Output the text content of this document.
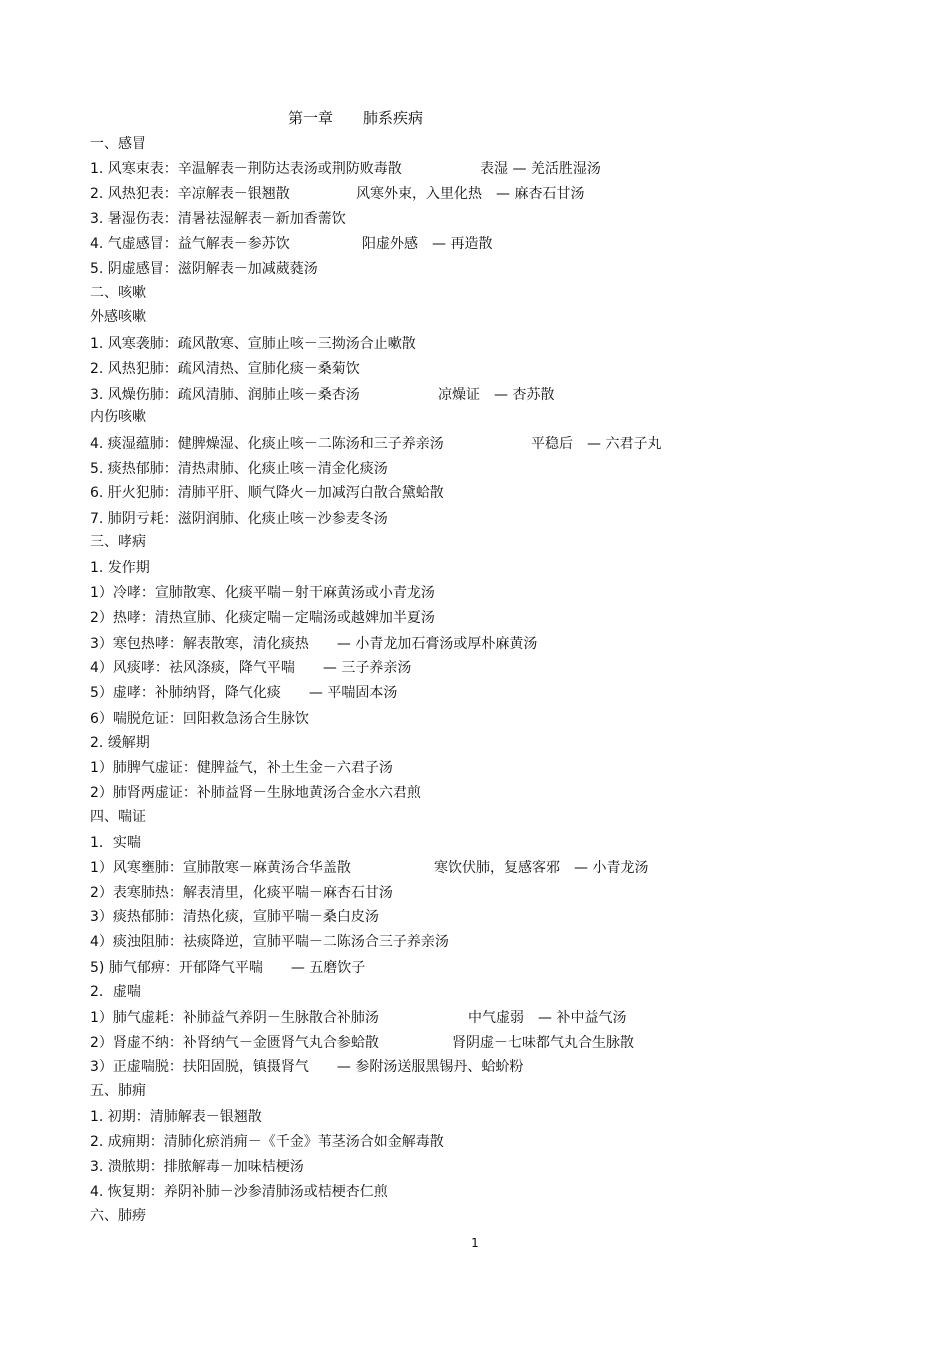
第一章　　肺系疾病
一、感冒
1. 风寒束表：辛温解表－荆防达表汤或荆防败毒散	表湿 — 羌活胜湿汤
2. 风热犯表：辛凉解表－银翘散	风寒外束，入里化热　— 麻杏石甘汤
3. 暑湿伤表：清暑祛湿解表－新加香薷饮
4. 气虚感冒：益气解表－参苏饮	阳虚外感　— 再造散
5. 阴虚感冒：滋阴解表－加减葳蕤汤
二、咳嗽
外感咳嗽
1. 风寒袭肺：疏风散寒、宣肺止咳－三拗汤合止嗽散
2. 风热犯肺：疏风清热、宣肺化痰－桑菊饮
3. 风燥伤肺：疏风清肺、润肺止咳－桑杏汤	凉燥证　— 杏苏散
内伤咳嗽
4. 痰湿蕴肺：健脾燥湿、化痰止咳－二陈汤和三子养亲汤	平稳后　— 六君子丸
5. 痰热郁肺：清热肃肺、化痰止咳－清金化痰汤
6. 肝火犯肺：清肺平肝、顺气降火－加减泻白散合黛蛤散
7. 肺阴亏耗：滋阴润肺、化痰止咳－沙参麦冬汤
三、哮病
1. 发作期
1）冷哮：宣肺散寒、化痰平喘－射干麻黄汤或小青龙汤
2）热哮：清热宣肺、化痰定喘－定喘汤或越婢加半夏汤
3）寒包热哮：解表散寒，清化痰热　　— 小青龙加石膏汤或厚朴麻黄汤
4）风痰哮：祛风涤痰，降气平喘　　— 三子养亲汤
5）虚哮：补肺纳肾，降气化痰　　— 平喘固本汤
6）喘脱危证：回阳救急汤合生脉饮
2. 缓解期
1）肺脾气虚证：健脾益气，补土生金－六君子汤
2）肺肾两虚证：补肺益肾－生脉地黄汤合金水六君煎
四、喘证
1．实喘
1）风寒壅肺：宣肺散寒－麻黄汤合华盖散	寒饮伏肺，复感客邪　— 小青龙汤
2）表寒肺热：解表清里，化痰平喘－麻杏石甘汤
3）痰热郁肺：清热化痰，宣肺平喘－桑白皮汤
4）痰浊阻肺：祛痰降逆，宣肺平喘－二陈汤合三子养亲汤
5) 肺气郁痹：开郁降气平喘　　— 五磨饮子
2．虚喘
1）肺气虚耗：补肺益气养阴－生脉散合补肺汤	中气虚弱　— 补中益气汤
2）肾虚不纳：补肾纳气－金匮肾气丸合参蛤散	肾阴虚－七味都气丸合生脉散
3）正虚喘脱：扶阳固脱，镇摄肾气　　— 参附汤送服黑锡丹、蛤蚧粉
五、肺痈
1. 初期：清肺解表－银翘散
2. 成痈期：清肺化瘀消痈－《千金》苇茎汤合如金解毒散
3. 溃脓期：排脓解毒－加味桔梗汤
4. 恢复期：养阴补肺－沙参清肺汤或桔梗杏仁煎
六、肺痨
1
